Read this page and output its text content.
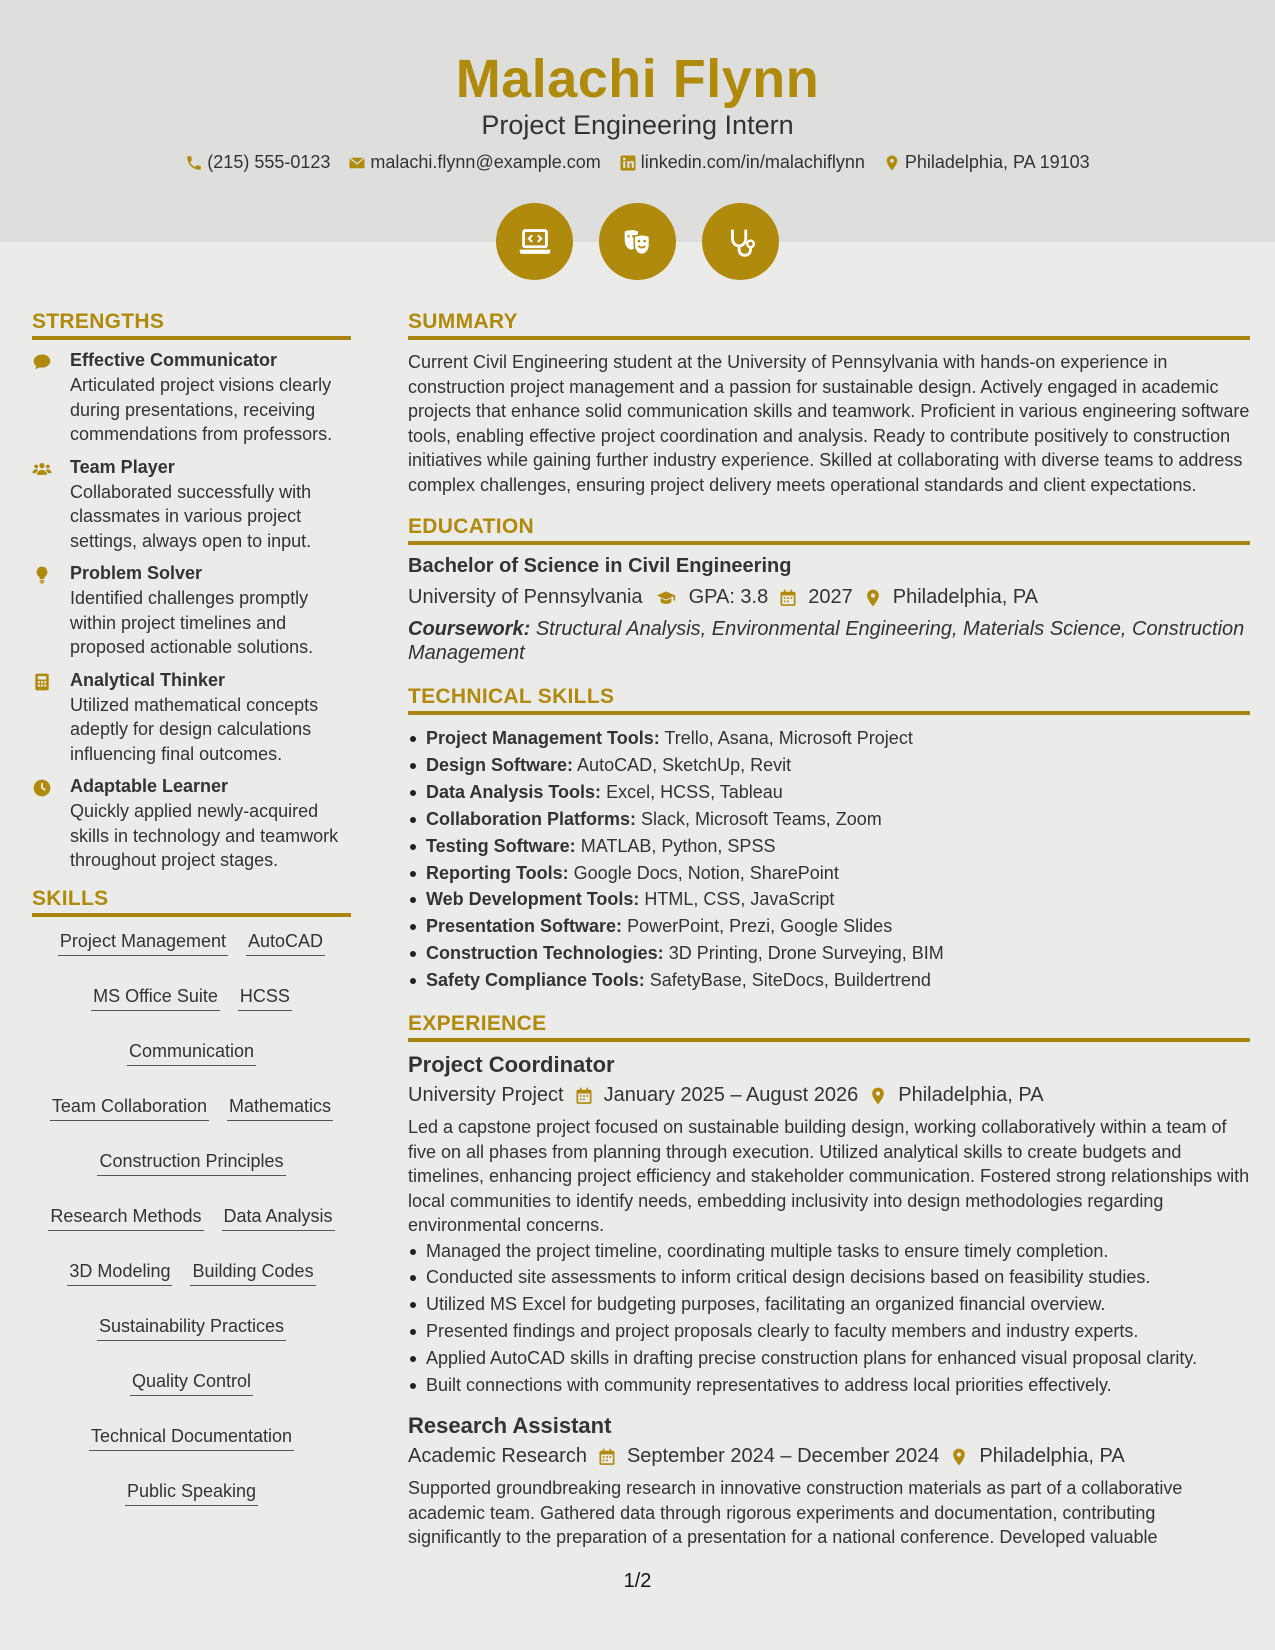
Malachi Flynn
Project Engineering Intern
(215) 555-0123 malachi.flynn@example.com linkedin.com/in/malachiflynn Philadelphia, PA 19103
STRENGTHS
Effective Communicator
Articulated project visions clearly during presentations, receiving commendations from professors.
Team Player
Collaborated successfully with classmates in various project settings, always open to input.
Problem Solver
Identified challenges promptly within project timelines and proposed actionable solutions.
Analytical Thinker
Utilized mathematical concepts adeptly for design calculations influencing final outcomes.
Adaptable Learner
Quickly applied newly-acquired skills in technology and teamwork throughout project stages.
SKILLS
Project Management AutoCAD
MS Office Suite HCSS
Communication
Team Collaboration Mathematics
Construction Principles
Research Methods Data Analysis
3D Modeling Building Codes
Sustainability Practices
Quality Control
Technical Documentation
Public Speaking
SUMMARY
Current Civil Engineering student at the University of Pennsylvania with hands-on experience in construction project management and a passion for sustainable design. Actively engaged in academic projects that enhance solid communication skills and teamwork. Proficient in various engineering software tools, enabling effective project coordination and analysis. Ready to contribute positively to construction initiatives while gaining further industry experience. Skilled at collaborating with diverse teams to address complex challenges, ensuring project delivery meets operational standards and client expectations.
EDUCATION
Bachelor of Science in Civil Engineering
University of Pennsylvania GPA: 3.8 2027 Philadelphia, PA
Coursework: Structural Analysis, Environmental Engineering, Materials Science, Construction Management
TECHNICAL SKILLS
Project Management Tools: Trello, Asana, Microsoft Project
Design Software: AutoCAD, SketchUp, Revit
Data Analysis Tools: Excel, HCSS, Tableau
Collaboration Platforms: Slack, Microsoft Teams, Zoom
Testing Software: MATLAB, Python, SPSS
Reporting Tools: Google Docs, Notion, SharePoint
Web Development Tools: HTML, CSS, JavaScript
Presentation Software: PowerPoint, Prezi, Google Slides
Construction Technologies: 3D Printing, Drone Surveying, BIM
Safety Compliance Tools: SafetyBase, SiteDocs, Buildertrend
EXPERIENCE
Project Coordinator
University Project January 2025 – August 2026 Philadelphia, PA
Led a capstone project focused on sustainable building design, working collaboratively within a team of five on all phases from planning through execution. Utilized analytical skills to create budgets and timelines, enhancing project efficiency and stakeholder communication. Fostered strong relationships with local communities to identify needs, embedding inclusivity into design methodologies regarding environmental concerns.
Managed the project timeline, coordinating multiple tasks to ensure timely completion.
Conducted site assessments to inform critical design decisions based on feasibility studies.
Utilized MS Excel for budgeting purposes, facilitating an organized financial overview.
Presented findings and project proposals clearly to faculty members and industry experts.
Applied AutoCAD skills in drafting precise construction plans for enhanced visual proposal clarity.
Built connections with community representatives to address local priorities effectively.
Research Assistant
Academic Research September 2024 – December 2024 Philadelphia, PA
Supported groundbreaking research in innovative construction materials as part of a collaborative academic team. Gathered data through rigorous experiments and documentation, contributing significantly to the preparation of a presentation for a national conference. Developed valuable
1/2
